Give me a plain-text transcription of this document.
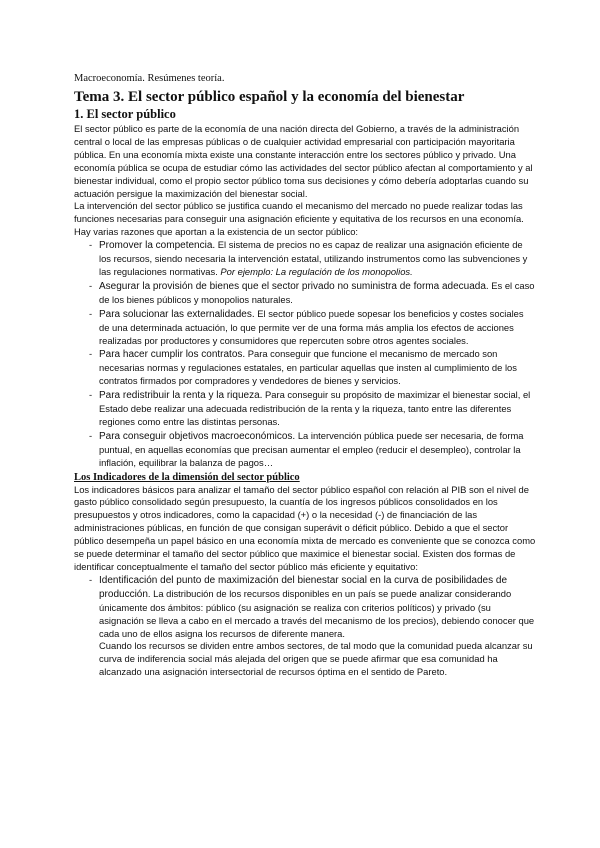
Macroeconomía. Resúmenes teoría.
Tema 3. El sector público español y la economía del bienestar
1. El sector público

El sector público es parte de la economía de una nación directa del Gobierno, a través de la administración central o local de las empresas públicas o de cualquier actividad empresarial con participación mayoritaria pública. En una economía mixta existe una constante interacción entre los sectores público y privado. Una economía pública se ocupa de estudiar cómo las actividades del sector público afectan al comportamiento y al bienestar individual, como el propio sector público toma sus decisiones y cómo debería adoptarlas cuando su actuación persigue la maximización del bienestar social.

La intervención del sector público se justifica cuando el mecanismo del mercado no puede realizar todas las funciones necesarias para conseguir una asignación eficiente y equitativa de los recursos en una economía. Hay varias razones que aportan a la existencia de un sector público:

- Promover la competencia. El sistema de precios no es capaz de realizar una asignación eficiente de los recursos, siendo necesaria la intervención estatal, utilizando instrumentos como las subvenciones y las regulaciones normativas. Por ejemplo: La regulación de los monopolios.
- Asegurar la provisión de bienes que el sector privado no suministra de forma adecuada. Es el caso de los bienes públicos y monopolios naturales.
- Para solucionar las externalidades. El sector público puede sopesar los beneficios y costes sociales de una determinada actuación, lo que permite ver de una forma más amplia los efectos de acciones realizadas por productores y consumidores que repercuten sobre otros agentes sociales.
- Para hacer cumplir los contratos. Para conseguir que funcione el mecanismo de mercado son necesarias normas y regulaciones estatales, en particular aquellas que insten al cumplimiento de los contratos firmados por compradores y vendedores de bienes y servicios.
- Para redistribuir la renta y la riqueza. Para conseguir su propósito de maximizar el bienestar social, el Estado debe realizar una adecuada redistribución de la renta y la riqueza, tanto entre las diferentes regiones como entre las distintas personas.
- Para conseguir objetivos macroeconómicos. La intervención pública puede ser necesaria, de forma puntual, en aquellas economías que precisan aumentar el empleo (reducir el desempleo), controlar la inflación, equilibrar la balanza de pagos…
Los Indicadores de la dimensión del sector público

Los indicadores básicos para analizar el tamaño del sector público español con relación al PIB son el nivel de gasto público consolidado según presupuesto, la cuantía de los ingresos públicos consolidados en los presupuestos y otros indicadores, como la capacidad (+) o la necesidad (-) de financiación de las administraciones públicas, en función de que consigan superávit o déficit público. Debido a que el sector público desempeña un papel básico en una economía mixta de mercado es conveniente que se conozca como se puede determinar el tamaño del sector público que maximice el bienestar social. Existen dos formas de identificar conceptualmente el tamaño del sector público más eficiente y equitativo:

- Identificación del punto de maximización del bienestar social en la curva de posibilidades de producción. La distribución de los recursos disponibles en un país se puede analizar considerando únicamente dos ámbitos: público (su asignación se realiza con criterios políticos) y privado (su asignación se lleva a cabo en el mercado a través del mecanismo de los precios), debiendo conocer que cada uno de ellos asigna los recursos de diferente manera.
Cuando los recursos se dividen entre ambos sectores, de tal modo que la comunidad pueda alcanzar su curva de indiferencia social más alejada del origen que se puede afirmar que esa comunidad ha alcanzado una asignación intersectorial de recursos óptima en el sentido de Pareto.
